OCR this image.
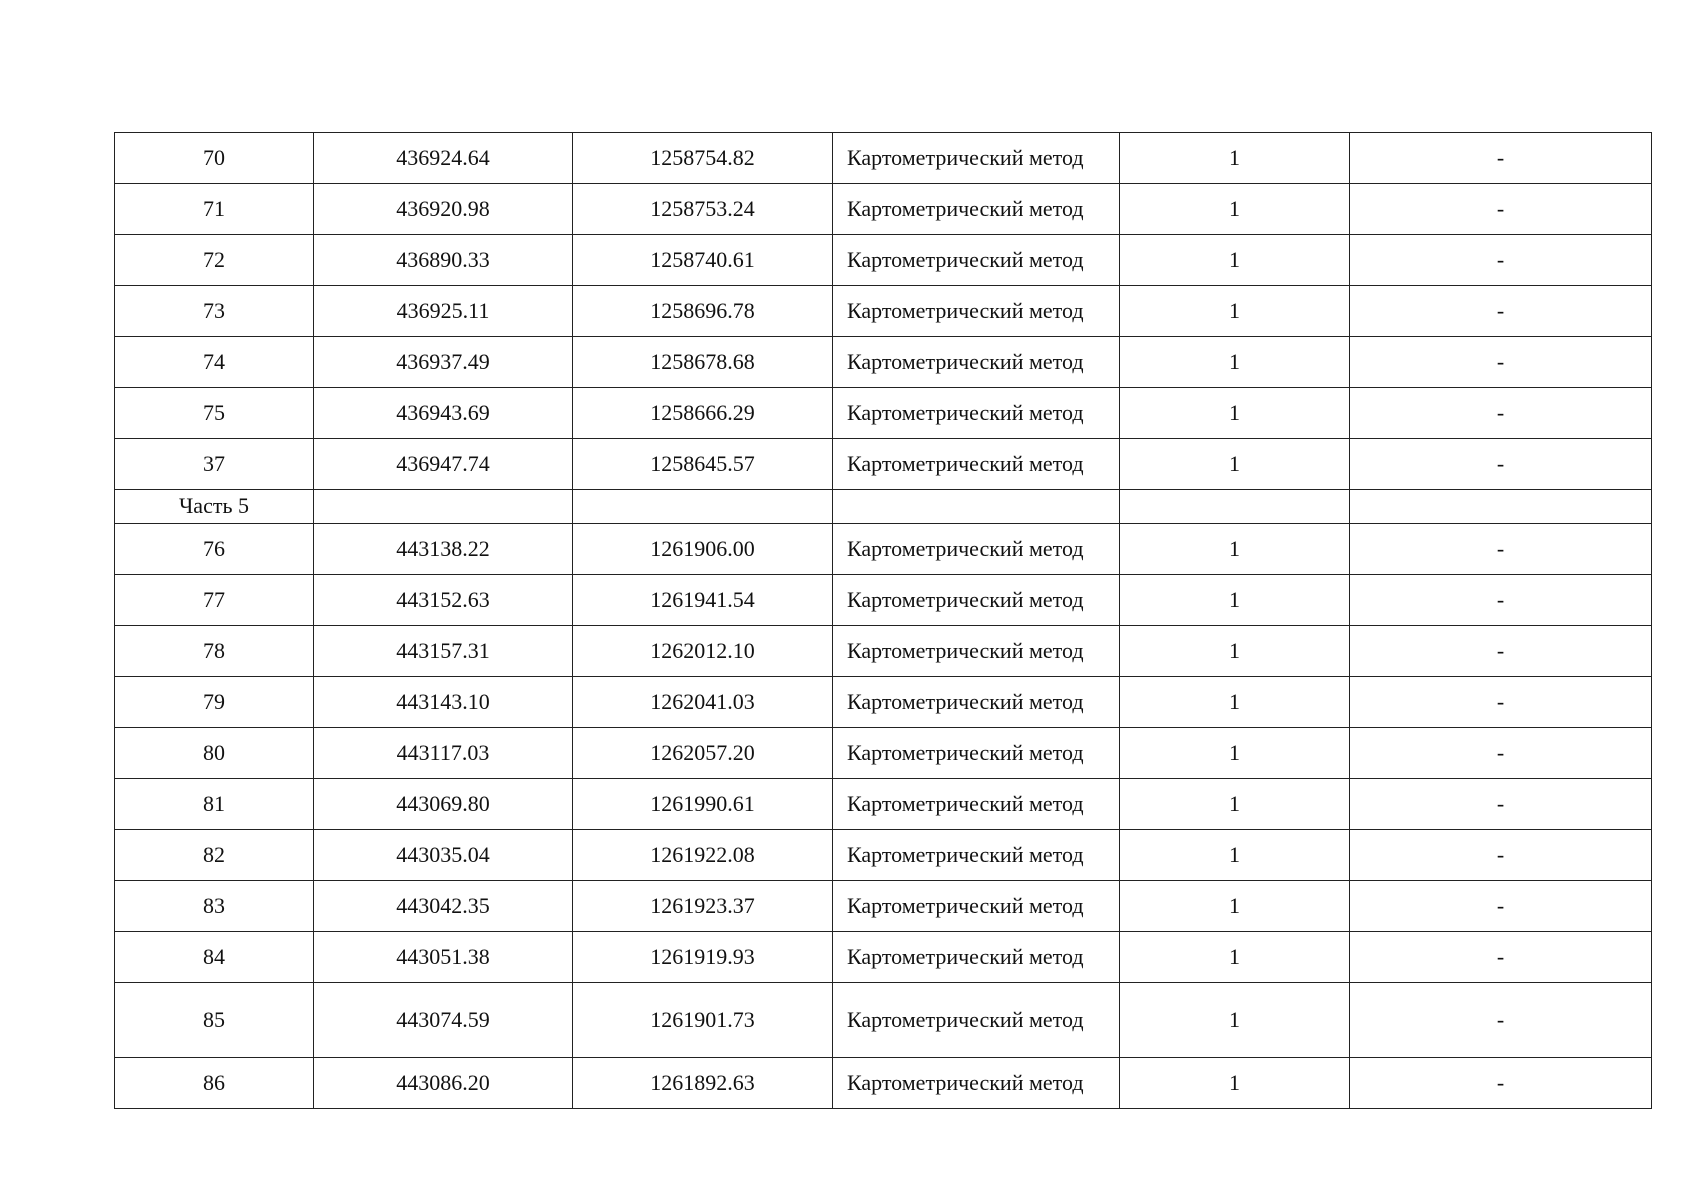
70	436924.64	1258754.82	Картометрический метод	1	-
71	436920.98	1258753.24	Картометрический метод	1	-
72	436890.33	1258740.61	Картометрический метод	1	-
73	436925.11	1258696.78	Картометрический метод	1	-
74	436937.49	1258678.68	Картометрический метод	1	-
75	436943.69	1258666.29	Картометрический метод	1	-
37	436947.74	1258645.57	Картометрический метод	1	-
Часть 5					
76	443138.22	1261906.00	Картометрический метод	1	-
77	443152.63	1261941.54	Картометрический метод	1	-
78	443157.31	1262012.10	Картометрический метод	1	-
79	443143.10	1262041.03	Картометрический метод	1	-
80	443117.03	1262057.20	Картометрический метод	1	-
81	443069.80	1261990.61	Картометрический метод	1	-
82	443035.04	1261922.08	Картометрический метод	1	-
83	443042.35	1261923.37	Картометрический метод	1	-
84	443051.38	1261919.93	Картометрический метод	1	-
85	443074.59	1261901.73	Картометрический метод	1	-
86	443086.20	1261892.63	Картометрический метод	1	-
